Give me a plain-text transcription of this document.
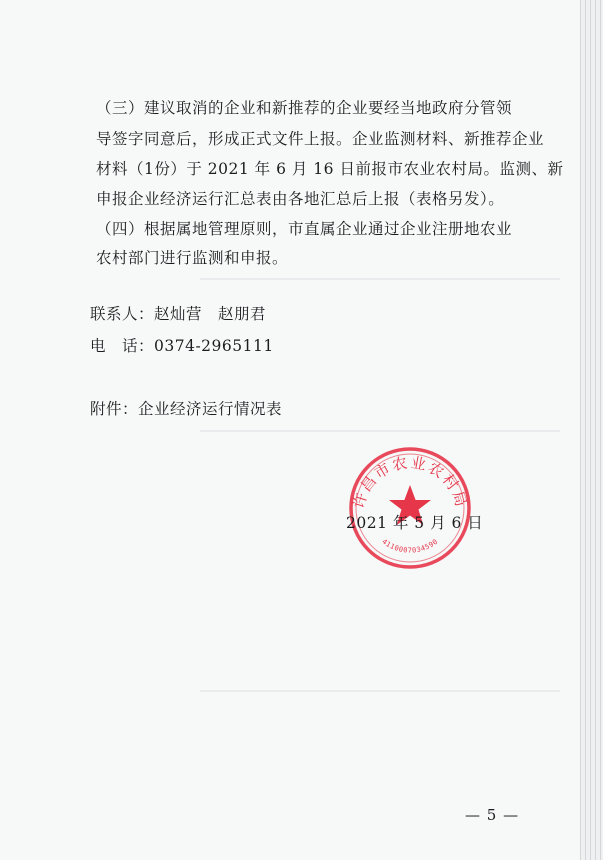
（三）建议取消的企业和新推荐的企业要经当地政府分管领
导签字同意后，形成正式文件上报。企业监测材料、新推荐企业
材料（1份）于 2021 年 6 月 16 日前报市农业农村局。监测、新
申报企业经济运行汇总表由各地汇总后上报（表格另发）。
（四）根据属地管理原则，市直属企业通过企业注册地农业
农村部门进行监测和申报。
联系人：赵灿营　赵朋君
电　话：0374-2965111
附件：企业经济运行情况表
许昌市农业农村局
4110007034590
2021 年 5 月 6 日
— 5 —
